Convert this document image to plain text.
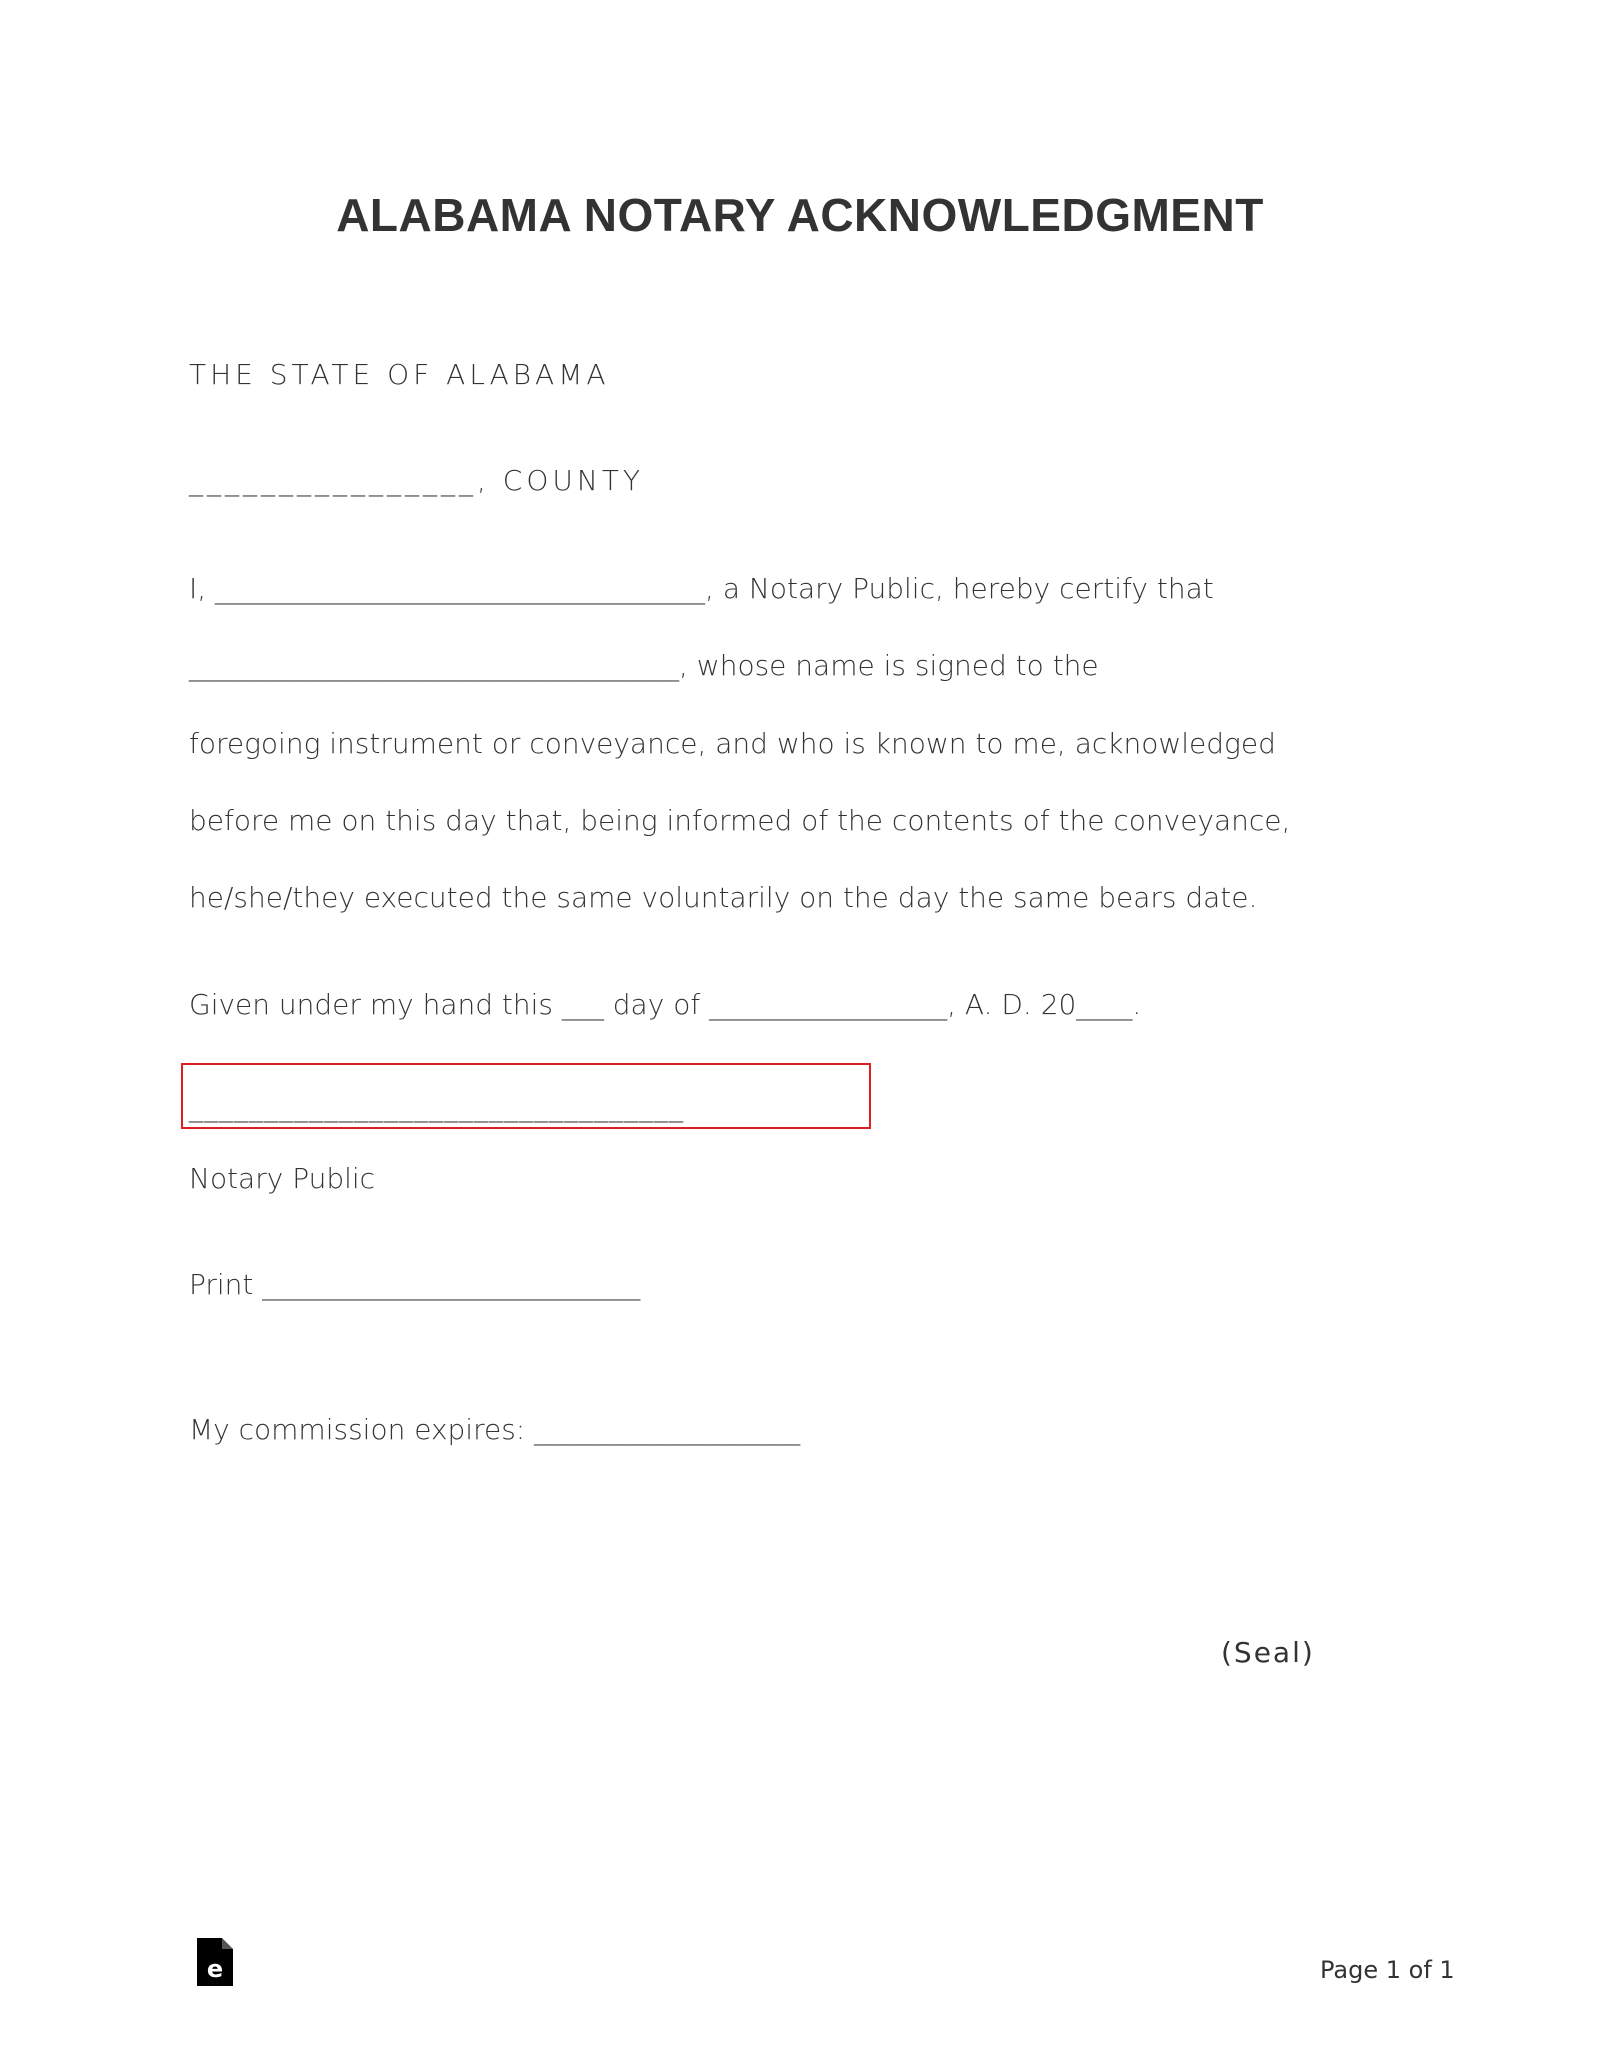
ALABAMA NOTARY ACKNOWLEDGMENT
THE STATE OF ALABAMA
________________, COUNTY
I, ___________________________________, a Notary Public, hereby certify that
___________________________________, whose name is signed to the
foregoing instrument or conveyance, and who is known to me, acknowledged
before me on this day that, being informed of the contents of the conveyance,
he/she/they executed the same voluntarily on the day the same bears date.
Given under my hand this ___ day of _________________, A. D. 20____.
_________________________________
Notary Public
Print ___________________________
My commission expires: ___________________
(Seal)
e	Page 1 of 1
